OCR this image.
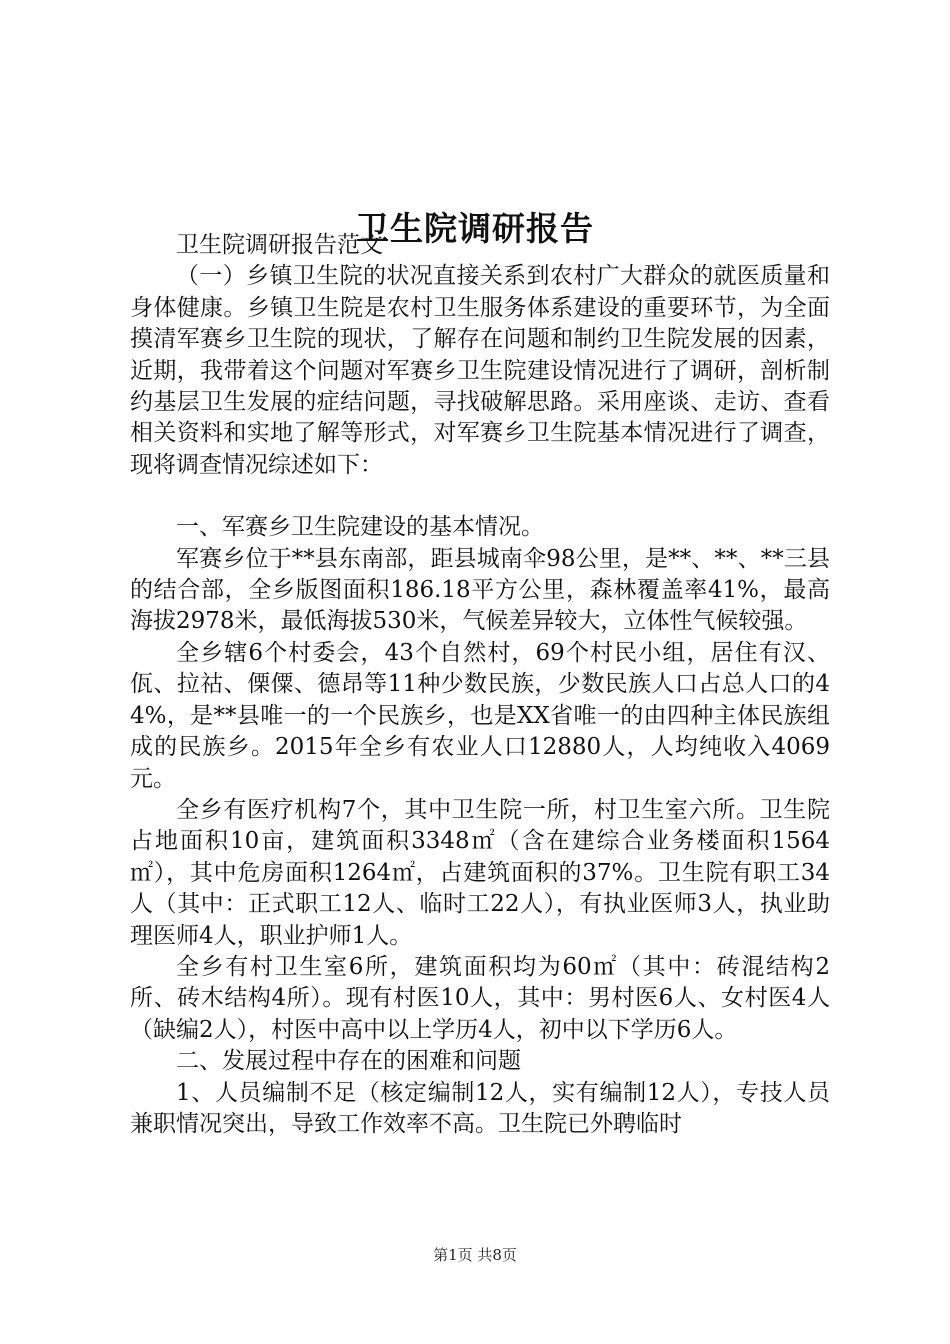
卫生院调研报告

卫生院调研报告范文

（一）乡镇卫生院的状况直接关系到农村广大群众的就医质量和身体健康。乡镇卫生院是农村卫生服务体系建设的重要环节，为全面摸清军赛乡卫生院的现状，了解存在问题和制约卫生院发展的因素，近期，我带着这个问题对军赛乡卫生院建设情况进行了调研，剖析制约基层卫生发展的症结问题，寻找破解思路。采用座谈、走访、查看相关资料和实地了解等形式，对军赛乡卫生院基本情况进行了调查，现将调查情况综述如下：

一、军赛乡卫生院建设的基本情况。

军赛乡位于**县东南部，距县城南伞98公里，是**、**、**三县的结合部，全乡版图面积186.18平方公里，森林覆盖率41%，最高海拔2978米，最低海拔530米，气候差异较大，立体性气候较强。

全乡辖6个村委会，43个自然村，69个村民小组，居住有汉、佤、拉祜、傈僳、德昂等11种少数民族，少数民族人口占总人口的44%，是**县唯一的一个民族乡，也是XX省唯一的由四种主体民族组成的民族乡。2015年全乡有农业人口12880人，人均纯收入4069元。

全乡有医疗机构7个，其中卫生院一所，村卫生室六所。卫生院占地面积10亩，建筑面积3348㎡（含在建综合业务楼面积1564㎡），其中危房面积1264㎡，占建筑面积的37%。卫生院有职工34人（其中：正式职工12人、临时工22人），有执业医师3人，执业助理医师4人，职业护师1人。

全乡有村卫生室6所，建筑面积均为60㎡（其中：砖混结构2所、砖木结构4所）。现有村医10人，其中：男村医6人、女村医4人（缺编2人），村医中高中以上学历4人，初中以下学历6人。

二、发展过程中存在的困难和问题

1、人员编制不足（核定编制12人，实有编制12人），专技人员兼职情况突出，导致工作效率不高。卫生院已外聘临时

第1页 共8页
